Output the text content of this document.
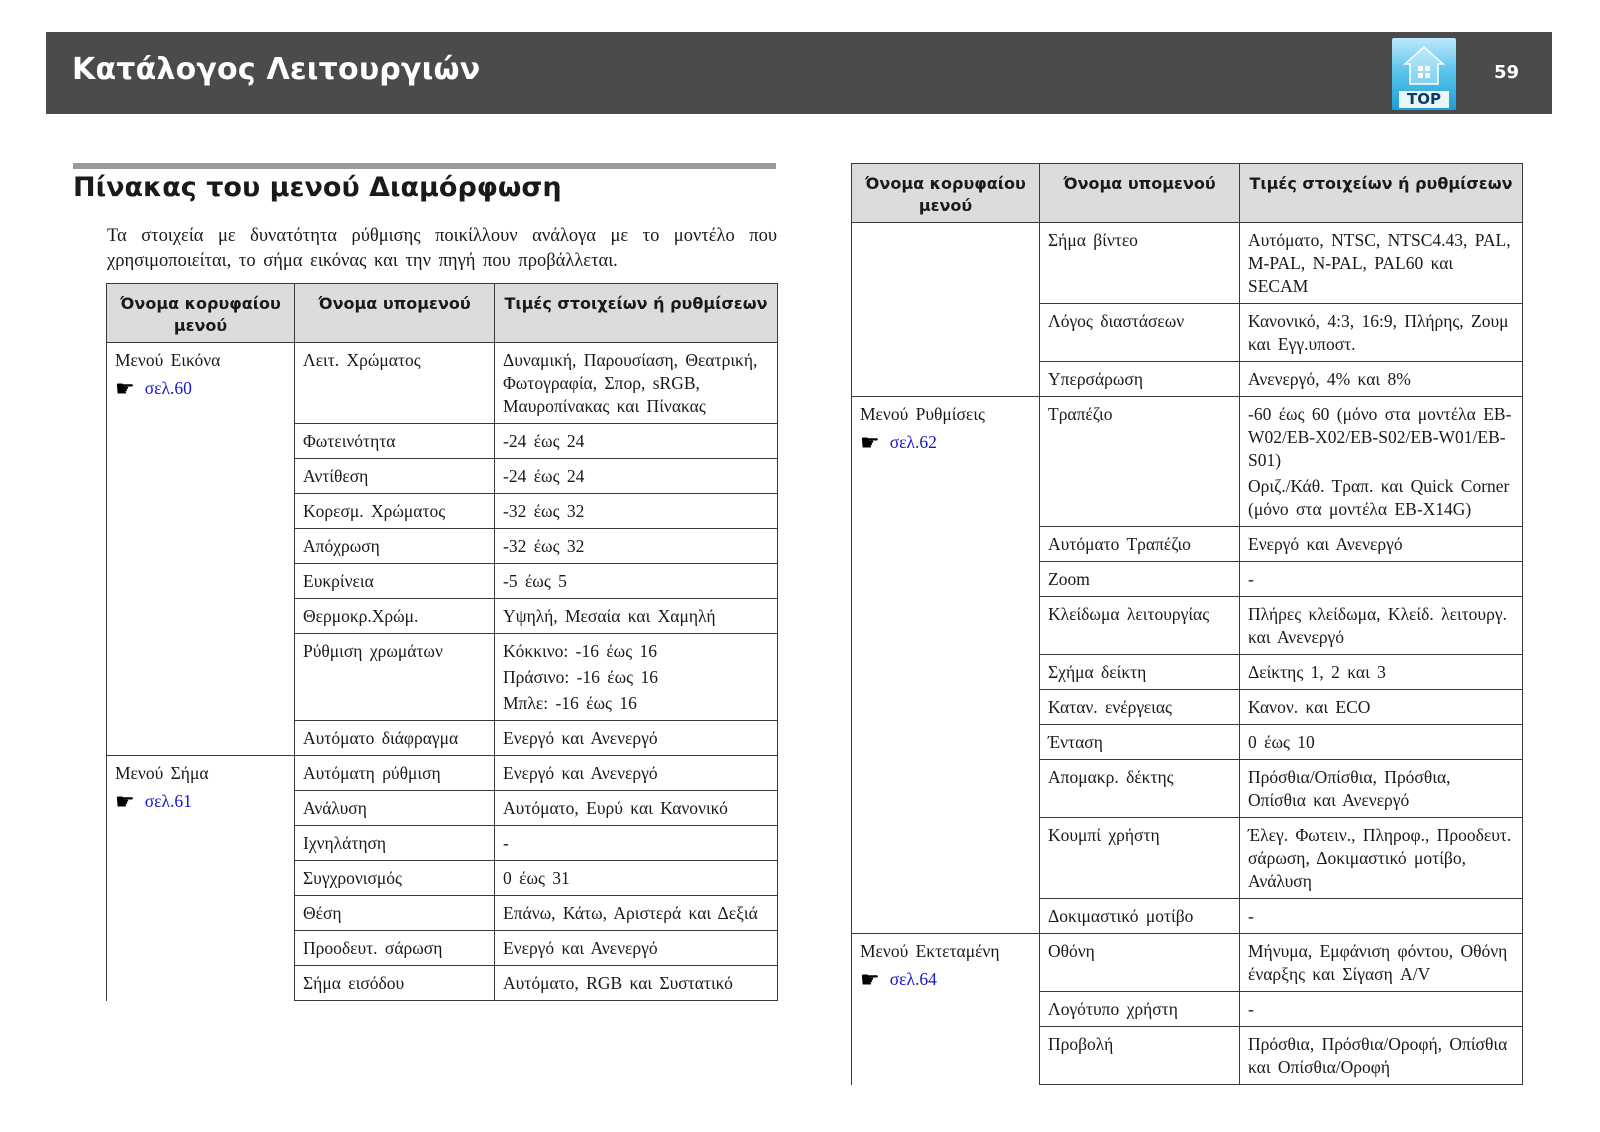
Κατάλογος Λειτουργιών
TOP
59
Πίνακας του μενού Διαμόρφωση
Τα στοιχεία με δυνατότητα ρύθμισης ποικίλλουν ανάλογα με το μοντέλο που χρησιμοποιείται, το σήμα εικόνας και την πηγή που προβάλλεται.
Όνομα κορυφαίου μενού	Όνομα υπομενού	Τιμές στοιχείων ή ρυθμίσεων
Μενού Εικόνα
☛ σελ.60	Λειτ. Χρώματος	Δυναμική, Παρουσίαση, Θεατρική, Φωτογραφία, Σπορ, sRGB, Μαυροπίνακας και Πίνακας

	Φωτεινότητα	-24 έως 24

	Αντίθεση	-24 έως 24

	Κορεσμ. Χρώματος	-32 έως 32

	Απόχρωση	-32 έως 32

	Ευκρίνεια	-5 έως 5

	Θερμοκρ.Χρώμ.	Υψηλή, Μεσαία και Χαμηλή

	Ρύθμιση χρωμάτων	Κόκκινο: -16 έως 16
Πράσινο: -16 έως 16
Μπλε: -16 έως 16

	Αυτόματο διάφραγμα	Ενεργό και Ανενεργό

Μενού Σήμα
☛ σελ.61	Αυτόματη ρύθμιση	Ενεργό και Ανενεργό

	Ανάλυση	Αυτόματο, Ευρύ και Κανονικό

	Ιχνηλάτηση	-

	Συγχρονισμός	0 έως 31

	Θέση	Επάνω, Κάτω, Αριστερά και Δεξιά

	Προοδευτ. σάρωση	Ενεργό και Ανενεργό

	Σήμα εισόδου	Αυτόματο, RGB και Συστατικό
Όνομα κορυφαίου μενού	Όνομα υπομενού	Τιμές στοιχείων ή ρυθμίσεων
	Σήμα βίντεο	Αυτόματο, NTSC, NTSC4.43, PAL, M-PAL, N-PAL, PAL60 και SECAM

	Λόγος διαστάσεων	Κανονικό, 4:3, 16:9, Πλήρης, Ζουμ και Εγγ.υποστ.

	Υπερσάρωση	Ανενεργό, 4% και 8%

Μενού Ρυθμίσεις
☛ σελ.62	Τραπέζιο	-60 έως 60 (μόνο στα μοντέλα EB-W02/EB-X02/EB-S02/EB-W01/EB-S01)
Οριζ./Κάθ. Τραπ. και Quick Corner (μόνο στα μοντέλα EB-X14G)

	Αυτόματο Τραπέζιο	Ενεργό και Ανενεργό

	Zoom	-

	Κλείδωμα λειτουργίας	Πλήρες κλείδωμα, Κλείδ. λειτουργ. και Ανενεργό

	Σχήμα δείκτη	Δείκτης 1, 2 και 3

	Καταν. ενέργειας	Κανον. και ECO

	Ένταση	0 έως 10

	Απομακρ. δέκτης	Πρόσθια/Οπίσθια, Πρόσθια, Οπίσθια και Ανενεργό

	Κουμπί χρήστη	Έλεγ. Φωτειν., Πληροφ., Προοδευτ. σάρωση, Δοκιμαστικό μοτίβο, Ανάλυση

	Δοκιμαστικό μοτίβο	-

Μενού Εκτεταμένη
☛ σελ.64	Οθόνη	Μήνυμα, Εμφάνιση φόντου, Οθόνη έναρξης και Σίγαση A/V

	Λογότυπο χρήστη	-

	Προβολή	Πρόσθια, Πρόσθια/Οροφή, Οπίσθια και Οπίσθια/Οροφή
